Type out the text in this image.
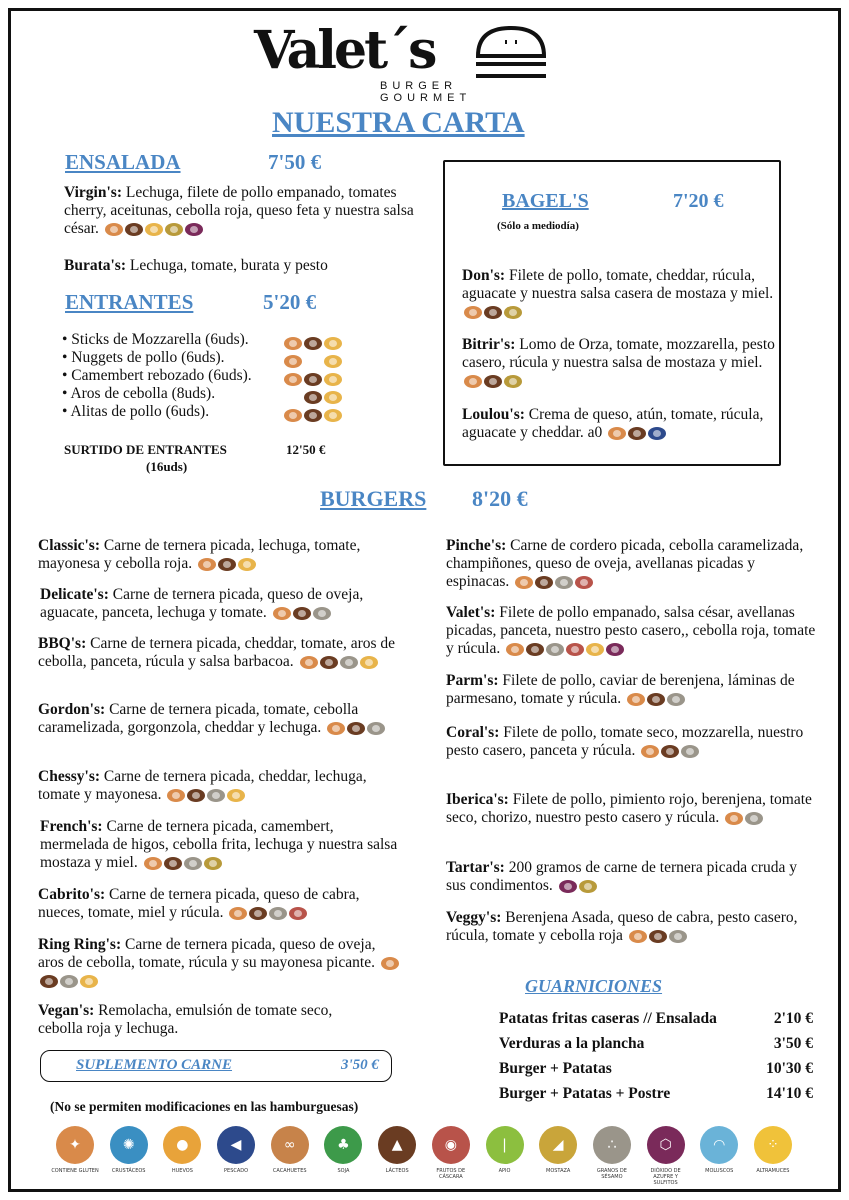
Valet´s
BURGER GOURMET
NUESTRA CARTA
ENSALADA	7'50 €
Virgin's: Lechuga, filete de pollo empanado, tomates cherry, aceitunas, cebolla roja, queso feta y nuestra salsa césar.
Burata's: Lechuga, tomate, burata y pesto
ENTRANTES	5'20 €
• Sticks de Mozzarella (6uds).
• Nuggets de pollo (6uds).
• Camembert rebozado (6uds).
• Aros de cebolla (8uds).
• Alitas de pollo (6uds).
SURTIDO DE ENTRANTES	12'50 €
(16uds)
BAGEL'S	7'20 €
(Sólo a mediodía)
Don's: Filete de pollo, tomate, cheddar, rúcula, aguacate y nuestra salsa casera de mostaza y miel.
Bitrir's: Lomo de Orza, tomate, mozzarella, pesto casero, rúcula y nuestra salsa de mostaza y miel.
Loulou's: Crema de queso, atún, tomate, rúcula, aguacate y cheddar. a0
BURGERS 8'20 €
Classic's: Carne de ternera picada, lechuga, tomate, mayonesa y cebolla roja.
Delicate's: Carne de ternera picada, queso de oveja, aguacate, panceta, lechuga y tomate.
BBQ's: Carne de ternera picada, cheddar, tomate, aros de cebolla, panceta, rúcula y salsa barbacoa.
Gordon's: Carne de ternera picada, tomate, cebolla caramelizada, gorgonzola, cheddar y lechuga.
Chessy's: Carne de ternera picada, cheddar, lechuga, tomate y mayonesa.
French's: Carne de ternera picada, camembert, mermelada de higos, cebolla frita, lechuga y nuestra salsa mostaza y miel.
Cabrito's: Carne de ternera picada, queso de cabra, nueces, tomate, miel y rúcula.
Ring Ring's: Carne de ternera picada, queso de oveja, aros de cebolla, tomate, rúcula y su mayonesa picante.
Vegan's: Remolacha, emulsión de tomate seco, cebolla roja y lechuga.
Pinche's: Carne de cordero picada, cebolla caramelizada, champiñones, queso de oveja, avellanas picadas y espinacas.
Valet's: Filete de pollo empanado, salsa césar, avellanas picadas, panceta, nuestro pesto casero,, cebolla roja, tomate y rúcula.
Parm's: Filete de pollo, caviar de berenjena, láminas de parmesano, tomate y rúcula.
Coral's: Filete de pollo, tomate seco, mozzarella, nuestro pesto casero, panceta y rúcula.
Iberica's: Filete de pollo, pimiento rojo, berenjena, tomate seco, chorizo, nuestro pesto casero y rúcula.
Tartar's: 200 gramos de carne de ternera picada cruda y sus condimentos.
Veggy's: Berenjena Asada, queso de cabra, pesto casero, rúcula, tomate y cebolla roja
SUPLEMENTO CARNE	3'50 €
GUARNICIONES
Patatas fritas caseras // Ensalada	2'10 €
Verduras a la plancha	3'50 €
Burger + Patatas	10'30 €
Burger + Patatas + Postre	14'10 €
(No se permiten modificaciones en las hamburguesas)
✦
CONTIENE GLUTEN
✺
CRUSTÁCEOS
●
HUEVOS
◀
PESCADO
∞
CACAHUETES
♣
SOJA
▲
LÁCTEOS
◉
FRUTOS DE CÁSCARA
❘
APIO
◢
MOSTAZA
∴
GRANOS DE SÉSAMO
⬡
DIÓXIDO DE AZUFRE Y SULFITOS
◠
MOLUSCOS
⁘
ALTRAMUCES
